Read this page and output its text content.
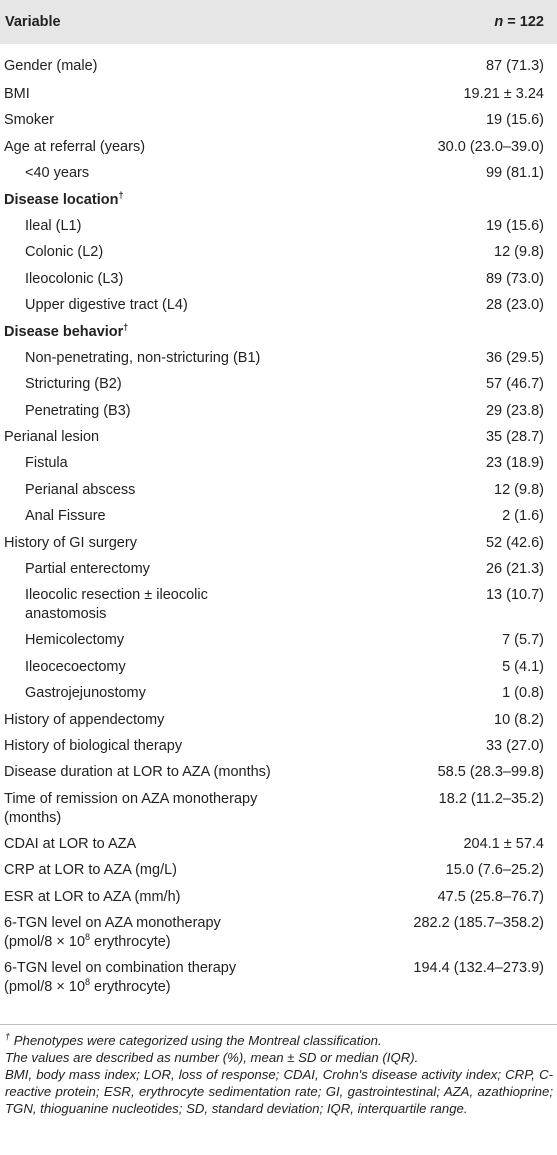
Variable	n = 122
Gender (male)	87 (71.3)
BMI	19.21 ± 3.24
Smoker	19 (15.6)
Age at referral (years)	30.0 (23.0–39.0)
<40 years	99 (81.1)
Disease location†	
Ileal (L1)	19 (15.6)
Colonic (L2)	12 (9.8)
Ileocolonic (L3)	89 (73.0)
Upper digestive tract (L4)	28 (23.0)
Disease behavior†	
Non-penetrating, non-stricturing (B1)	36 (29.5)
Stricturing (B2)	57 (46.7)
Penetrating (B3)	29 (23.8)
Perianal lesion	35 (28.7)
Fistula	23 (18.9)
Perianal abscess	12 (9.8)
Anal Fissure	2 (1.6)
History of GI surgery	52 (42.6)
Partial enterectomy	26 (21.3)
Ileocolic resection ± ileocolic
anastomosis	13 (10.7)
Hemicolectomy	7 (5.7)
Ileocecoectomy	5 (4.1)
Gastrojejunostomy	1 (0.8)
History of appendectomy	10 (8.2)
History of biological therapy	33 (27.0)
Disease duration at LOR to AZA (months)	58.5 (28.3–99.8)
Time of remission on AZA monotherapy
(months)	18.2 (11.2–35.2)
CDAI at LOR to AZA	204.1 ± 57.4
CRP at LOR to AZA (mg/L)	15.0 (7.6–25.2)
ESR at LOR to AZA (mm/h)	47.5 (25.8–76.7)
6-TGN level on AZA monotherapy
(pmol/8 × $10^8$ erythrocyte)	282.2 (185.7–358.2)
6-TGN level on combination therapy
(pmol/8 × $10^8$ erythrocyte)	194.4 (132.4–273.9)

† Phenotypes were categorized using the Montreal classification.

The values are described as number (%), mean ± SD or median (IQR).

BMI, body mass index; LOR, loss of response; CDAI, Crohn's disease activity index; CRP, C-reactive protein; ESR, erythrocyte sedimentation rate; GI, gastrointestinal; AZA, azathioprine; TGN, thioguanine nucleotides; SD, standard deviation; IQR, interquartile range.
